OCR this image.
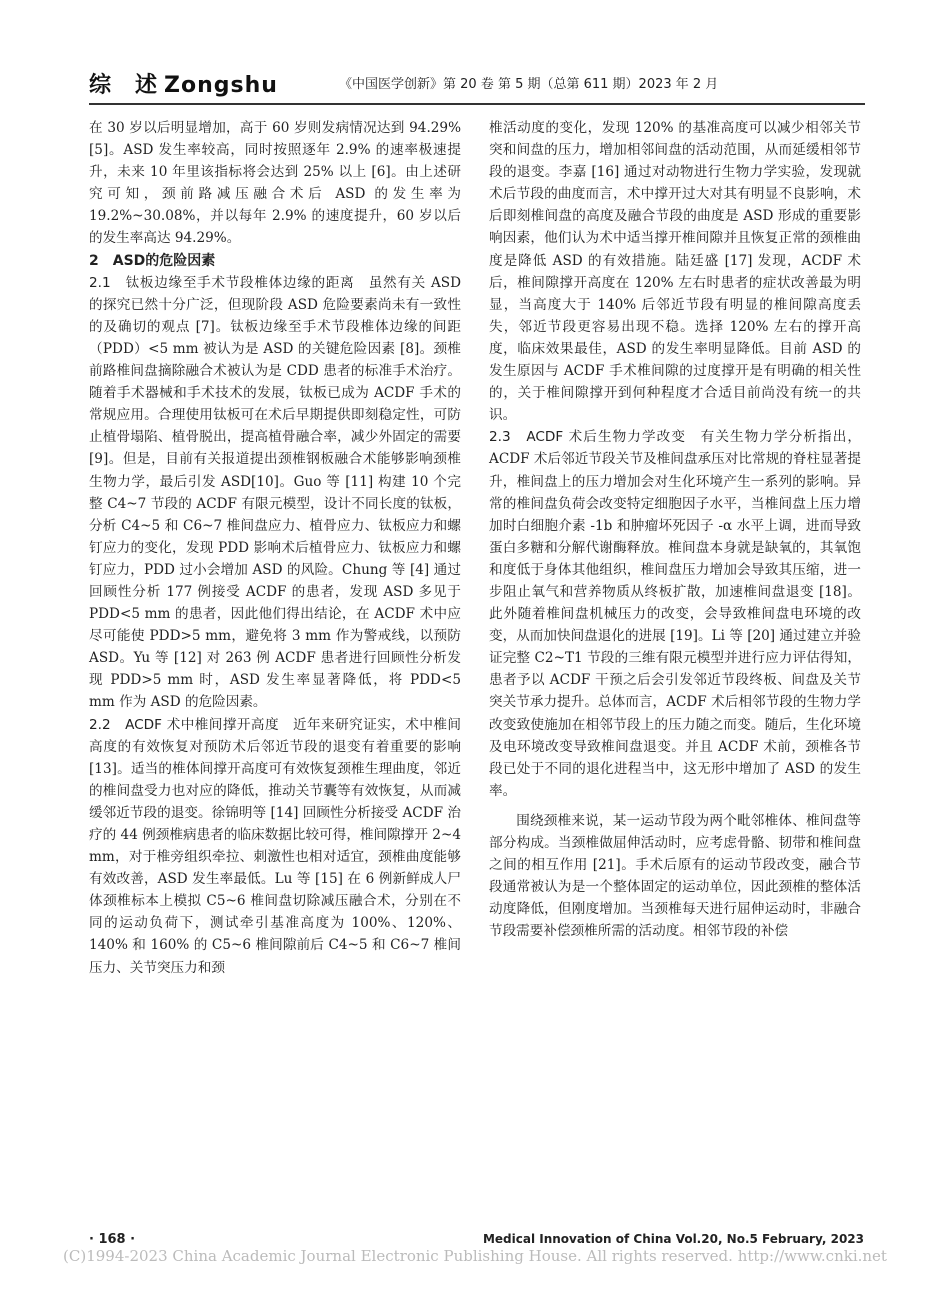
综　述 Zongshu	《中国医学创新》第 20 卷 第 5 期（总第 611 期）2023 年 2 月

在 30 岁以后明显增加，高于 60 岁则发病情况达到 94.29%[5]。ASD 发生率较高，同时按照逐年 2.9% 的速率极速提升，未来 10 年里该指标将会达到 25% 以上 [6]。由上述研究可知，颈前路减压融合术后 ASD 的发生率为 19.2%~30.08%，并以每年 2.9% 的速度提升，60 岁以后的发生率高达 94.29%。

2　ASD的危险因素

2.1　钛板边缘至手术节段椎体边缘的距离　虽然有关 ASD 的探究已然十分广泛，但现阶段 ASD 危险要素尚未有一致性的及确切的观点 [7]。钛板边缘至手术节段椎体边缘的间距（PDD）<5 mm 被认为是 ASD 的关键危险因素 [8]。颈椎前路椎间盘摘除融合术被认为是 CDD 患者的标准手术治疗。随着手术器械和手术技术的发展，钛板已成为 ACDF 手术的常规应用。合理使用钛板可在术后早期提供即刻稳定性，可防止植骨塌陷、植骨脱出，提高植骨融合率，减少外固定的需要 [9]。但是，目前有关报道提出颈椎钢板融合术能够影响颈椎生物力学，最后引发 ASD[10]。Guo 等 [11] 构建 10 个完整 C4~7 节段的 ACDF 有限元模型，设计不同长度的钛板，分析 C4~5 和 C6~7 椎间盘应力、植骨应力、钛板应力和螺钉应力的变化，发现 PDD 影响术后植骨应力、钛板应力和螺钉应力，PDD 过小会增加 ASD 的风险。Chung 等 [4] 通过回顾性分析 177 例接受 ACDF 的患者，发现 ASD 多见于 PDD<5 mm 的患者，因此他们得出结论，在 ACDF 术中应尽可能使 PDD>5 mm，避免将 3 mm 作为警戒线，以预防 ASD。Yu 等 [12] 对 263 例 ACDF 患者进行回顾性分析发现 PDD>5 mm 时，ASD 发生率显著降低，将 PDD<5 mm 作为 ASD 的危险因素。

2.2　ACDF 术中椎间撑开高度　近年来研究证实，术中椎间高度的有效恢复对预防术后邻近节段的退变有着重要的影响 [13]。适当的椎体间撑开高度可有效恢复颈椎生理曲度，邻近的椎间盘受力也对应的降低，推动关节囊等有效恢复，从而减缓邻近节段的退变。徐锦明等 [14] 回顾性分析接受 ACDF 治疗的 44 例颈椎病患者的临床数据比较可得，椎间隙撑开 2~4 mm，对于椎旁组织牵拉、刺激性也相对适宜，颈椎曲度能够有效改善，ASD 发生率最低。Lu 等 [15] 在 6 例新鲜成人尸体颈椎标本上模拟 C5~6 椎间盘切除减压融合术，分别在不同的运动负荷下，测试牵引基准高度为 100%、120%、140% 和 160% 的 C5~6 椎间隙前后 C4~5 和 C6~7 椎间压力、关节突压力和颈

椎活动度的变化，发现 120% 的基准高度可以减少相邻关节突和间盘的压力，增加相邻间盘的活动范围，从而延缓相邻节段的退变。李嘉 [16] 通过对动物进行生物力学实验，发现就术后节段的曲度而言，术中撑开过大对其有明显不良影响，术后即刻椎间盘的高度及融合节段的曲度是 ASD 形成的重要影响因素，他们认为术中适当撑开椎间隙并且恢复正常的颈椎曲度是降低 ASD 的有效措施。陆廷盛 [17] 发现，ACDF 术后，椎间隙撑开高度在 120% 左右时患者的症状改善最为明显，当高度大于 140% 后邻近节段有明显的椎间隙高度丢失，邻近节段更容易出现不稳。选择 120% 左右的撑开高度，临床效果最佳，ASD 的发生率明显降低。目前 ASD 的发生原因与 ACDF 手术椎间隙的过度撑开是有明确的相关性的，关于椎间隙撑开到何种程度才合适目前尚没有统一的共识。

2.3　ACDF 术后生物力学改变　有关生物力学分析指出，ACDF 术后邻近节段关节及椎间盘承压对比常规的脊柱显著提升，椎间盘上的压力增加会对生化环境产生一系列的影响。异常的椎间盘负荷会改变特定细胞因子水平，当椎间盘上压力增加时白细胞介素 -1b 和肿瘤坏死因子 -α 水平上调，进而导致蛋白多糖和分解代谢酶释放。椎间盘本身就是缺氧的，其氧饱和度低于身体其他组织，椎间盘压力增加会导致其压缩，进一步阻止氧气和营养物质从终板扩散，加速椎间盘退变 [18]。此外随着椎间盘机械压力的改变，会导致椎间盘电环境的改变，从而加快间盘退化的进展 [19]。Li 等 [20] 通过建立并验证完整 C2~T1 节段的三维有限元模型并进行应力评估得知，患者予以 ACDF 干预之后会引发邻近节段终板、间盘及关节突关节承力提升。总体而言，ACDF 术后相邻节段的生物力学改变致使施加在相邻节段上的压力随之而变。随后，生化环境及电环境改变导致椎间盘退变。并且 ACDF 术前，颈椎各节段已处于不同的退化进程当中，这无形中增加了 ASD 的发生率。

围绕颈椎来说，某一运动节段为两个毗邻椎体、椎间盘等部分构成。当颈椎做屈伸活动时，应考虑骨骼、韧带和椎间盘之间的相互作用 [21]。手术后原有的运动节段改变，融合节段通常被认为是一个整体固定的运动单位，因此颈椎的整体活动度降低，但刚度增加。当颈椎每天进行屈伸运动时，非融合节段需要补偿颈椎所需的活动度。相邻节段的补偿

· 168 ·	Medical Innovation of China Vol.20, No.5 February, 2023
(C)1994-2023 China Academic Journal Electronic Publishing House. All rights reserved. http://www.cnki.net
